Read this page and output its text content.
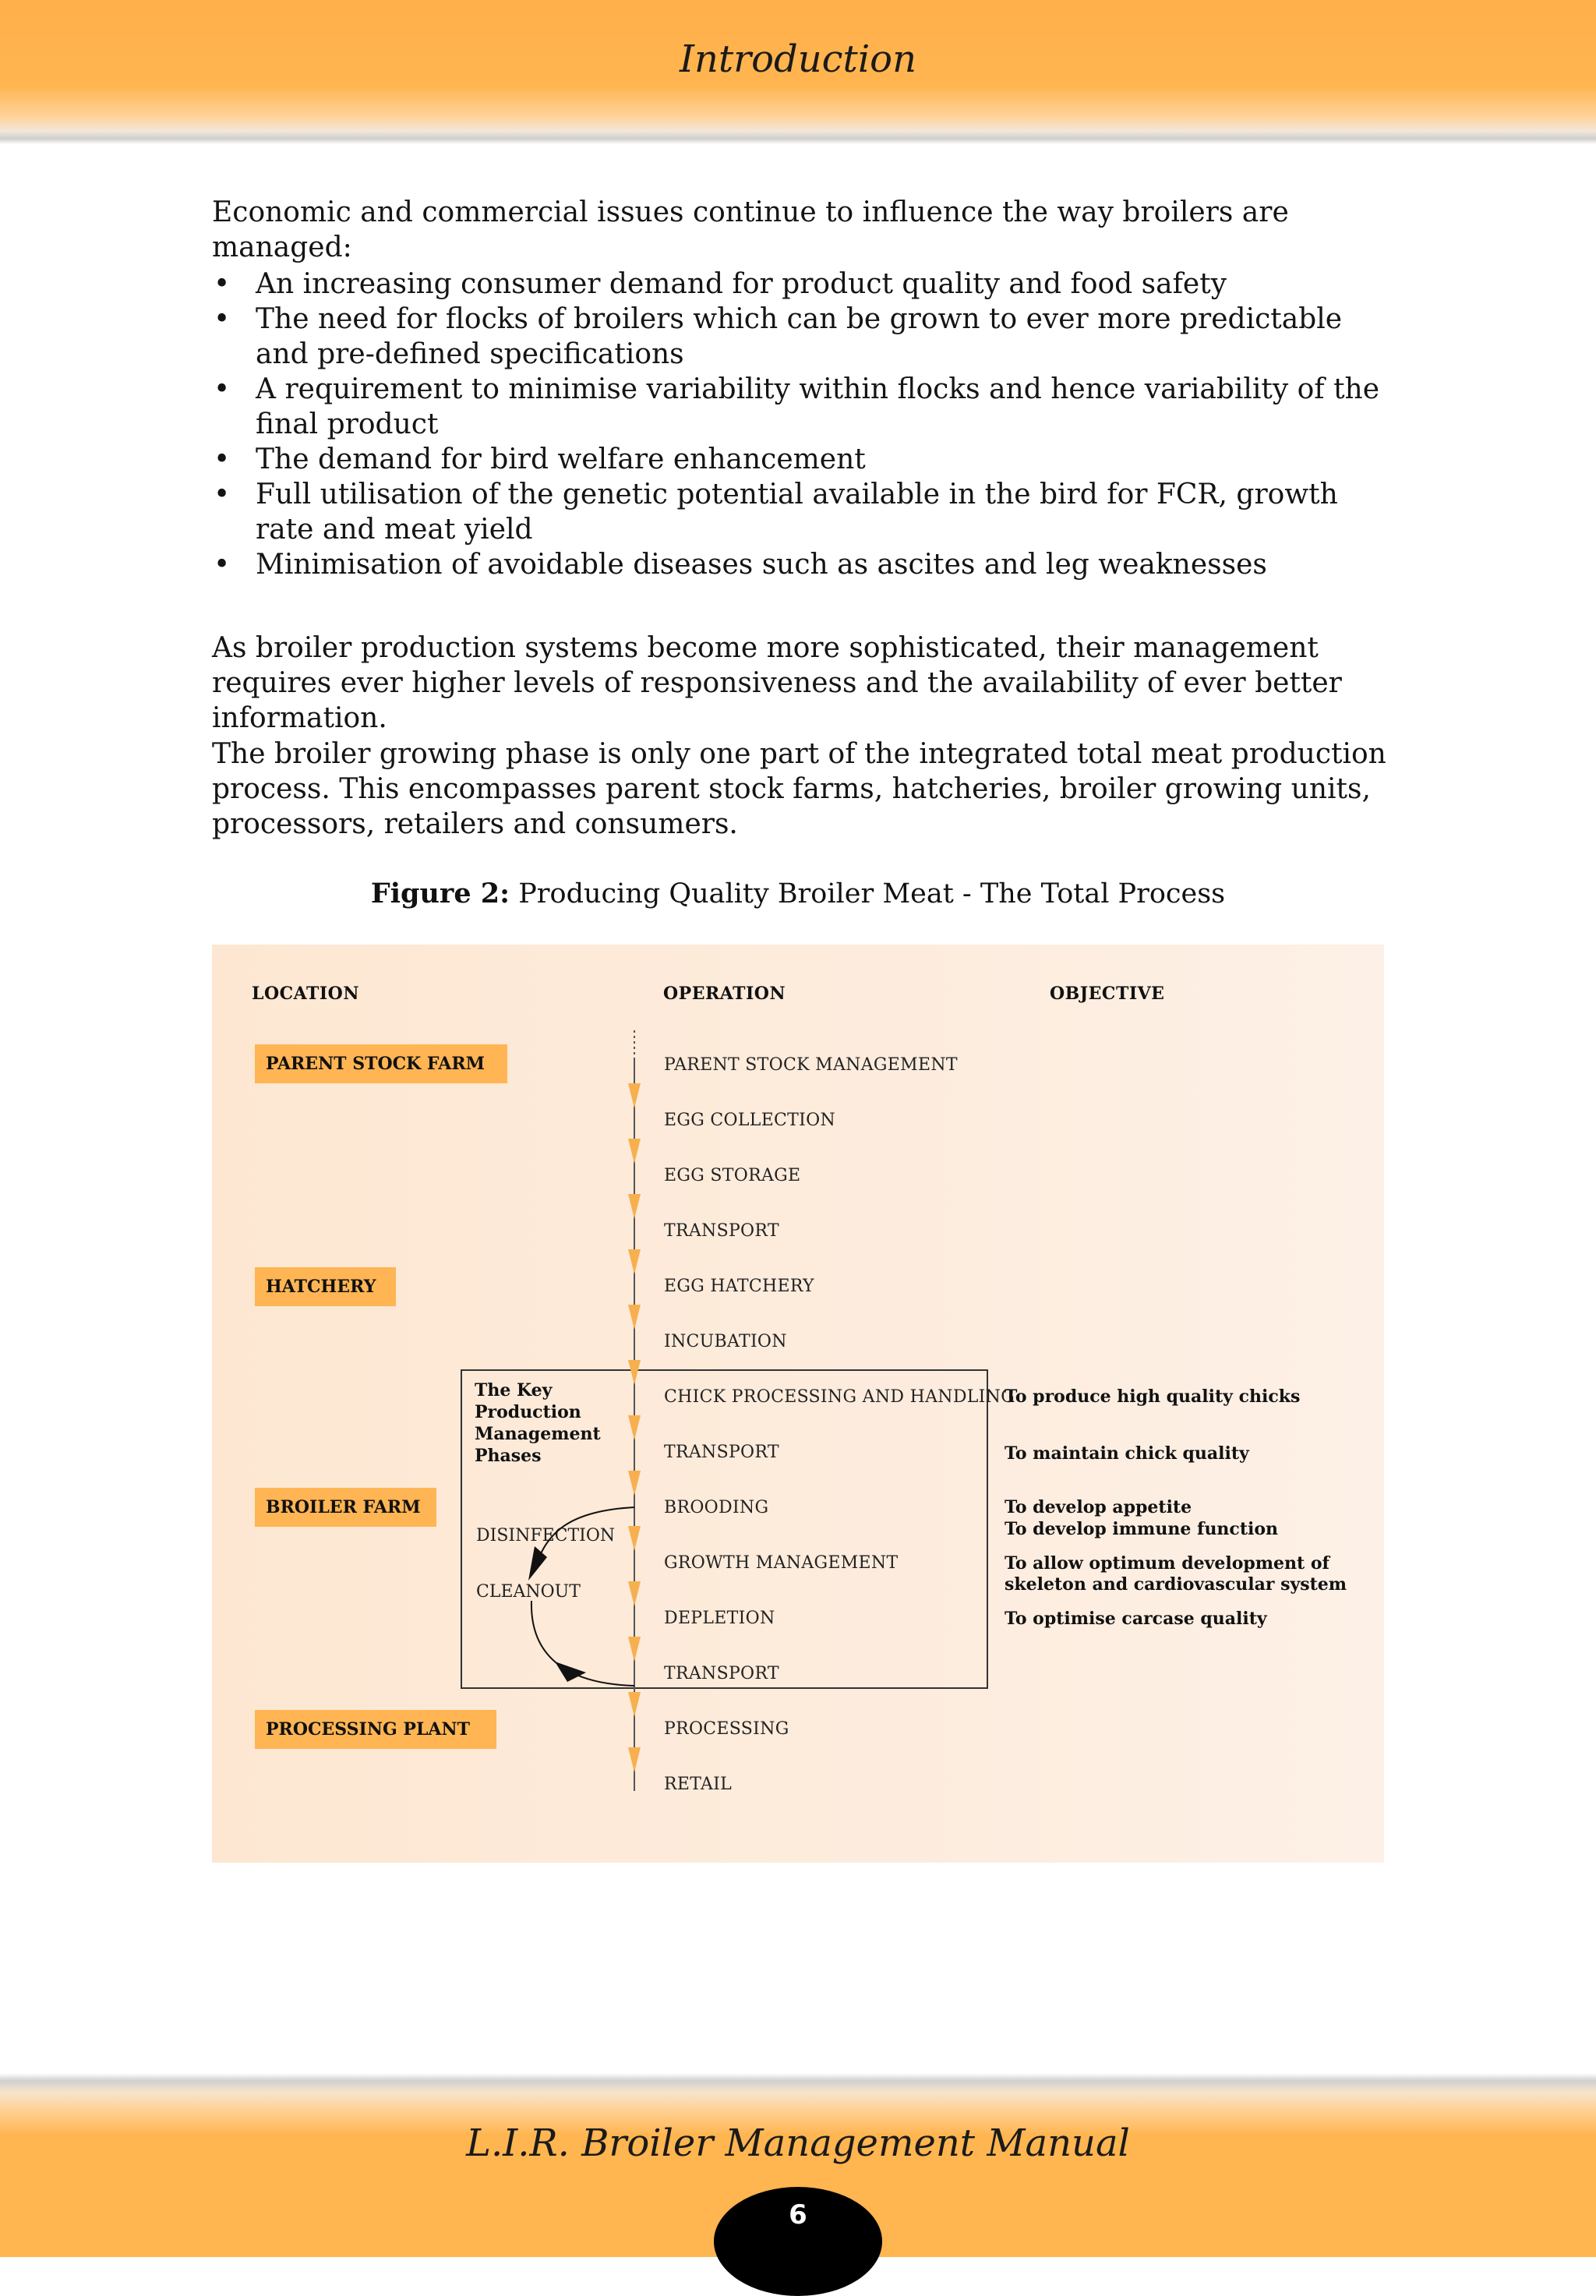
Introduction
Economic and commercial issues continue to influence the way broilers are managed:
• An increasing consumer demand for product quality and food safety
• The need for flocks of broilers which can be grown to ever more predictable and pre-defined specifications
• A requirement to minimise variability within flocks and hence variability of the final product
• The demand for bird welfare enhancement
• Full utilisation of the genetic potential available in the bird for FCR, growth rate and meat yield
• Minimisation of avoidable diseases such as ascites and leg weaknesses
As broiler production systems become more sophisticated, their management requires ever higher levels of responsiveness and the availability of ever better information.
The broiler growing phase is only one part of the integrated total meat production process. This encompasses parent stock farms, hatcheries, broiler growing units, processors, retailers and consumers.
Figure 2: Producing Quality Broiler Meat - The Total Process
LOCATION	OPERATION	OBJECTIVE
PARENT STOCK FARM
HATCHERY
BROILER FARM
PROCESSING PLANT
The Key
Production
Management
Phases
DISINFECTION
CLEANOUT
PARENT STOCK MANAGEMENT
EGG COLLECTION
EGG STORAGE
TRANSPORT
EGG HATCHERY
INCUBATION
CHICK PROCESSING AND HANDLING
TRANSPORT
BROODING
GROWTH MANAGEMENT
DEPLETION
TRANSPORT
PROCESSING
RETAIL
To produce high quality chicks
To maintain chick quality
To develop appetite
To develop immune function
To allow optimum development of
skeleton and cardiovascular system
To optimise carcase quality
L.I.R. Broiler Management Manual
6
